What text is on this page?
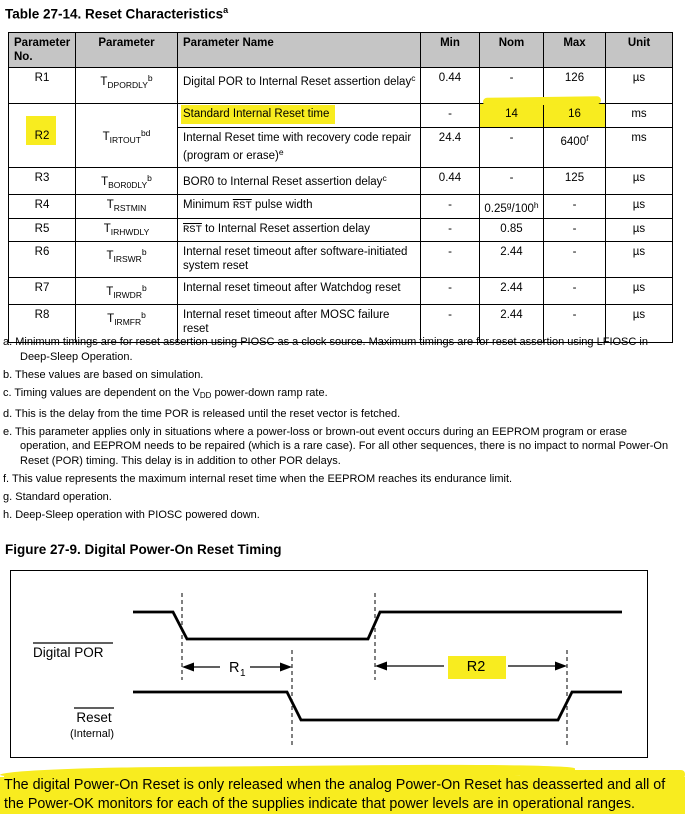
Table 27-14. Reset Characteristics$^a$
Parameter No.	Parameter	Parameter Name	Min	Nom	Max	Unit
R1	$T_{DPORDLY}^b$	Digital POR to Internal Reset assertion delay$^c$	0.44	-	126	µs
R2	$T_{IRTOUT}^{bd}$	Standard Internal Reset time	-	14	16	ms
		Internal Reset time with recovery code repair (program or erase)$^e$	24.4	-	6400$^f$	ms
R3	$T_{BOR0DLY}^b$	BOR0 to Internal Reset assertion delay$^c$	0.44	-	125	µs
R4	$T_{RSTMIN}$	Minimum $\overline{RST}$ pulse width	-	0.25$^g$/100$^h$	-	µs
R5	$T_{IRHWDLY}$	$\overline{RST}$ to Internal Reset assertion delay	-	0.85	-	µs
R6	$T_{IRSWR}^b$	Internal reset timeout after software-initiated system reset	-	2.44	-	µs
R7	$T_{IRWDR}^b$	Internal reset timeout after Watchdog reset	-	2.44	-	µs
R8	$T_{IRMFR}^b$	Internal reset timeout after MOSC failure reset	-	2.44	-	µs
a. Minimum timings are for reset assertion using PIOSC as a clock source. Maximum timings are for reset assertion using LFIOSC in Deep-Sleep Operation.
b. These values are based on simulation.
c. Timing values are dependent on the $V_{DD}$ power-down ramp rate.
d. This is the delay from the time POR is released until the reset vector is fetched.
e. This parameter applies only in situations where a power-loss or brown-out event occurs during an EEPROM program or erase operation, and EEPROM needs to be repaired (which is a rare case). For all other sequences, there is no impact to normal Power-On Reset (POR) timing. This delay is in addition to other POR delays.
f. This value represents the maximum internal reset time when the EEPROM reaches its endurance limit.
g. Standard operation.
h. Deep-Sleep operation with PIOSC powered down.
Figure 27-9. Digital Power-On Reset Timing
Digital POR
Reset
(Internal)
R 1	R2
The digital Power-On Reset is only released when the analog Power-On Reset has deasserted and all of the Power-OK monitors for each of the supplies indicate that power levels are in operational ranges.
